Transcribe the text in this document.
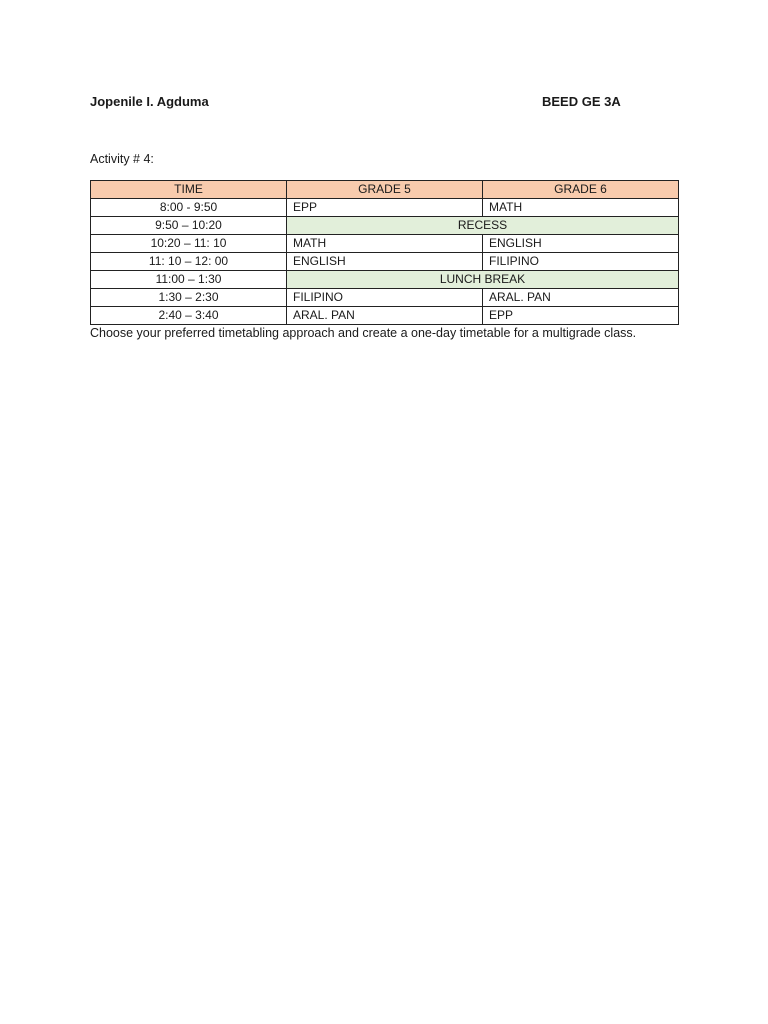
Jopenile I. Agduma	BEED GE 3A
Activity # 4:
TIME	GRADE 5	GRADE 6
8:00 - 9:50	EPP	MATH
9:50 – 10:20	RECESS	
10:20 – 11: 10	MATH	ENGLISH
11: 10 – 12: 00	ENGLISH	FILIPINO
11:00 – 1:30	LUNCH BREAK	
1:30 – 2:30	FILIPINO	ARAL. PAN
2:40 – 3:40	ARAL. PAN	EPP
Choose your preferred timetabling approach and create a one-day timetable for a multigrade class.
